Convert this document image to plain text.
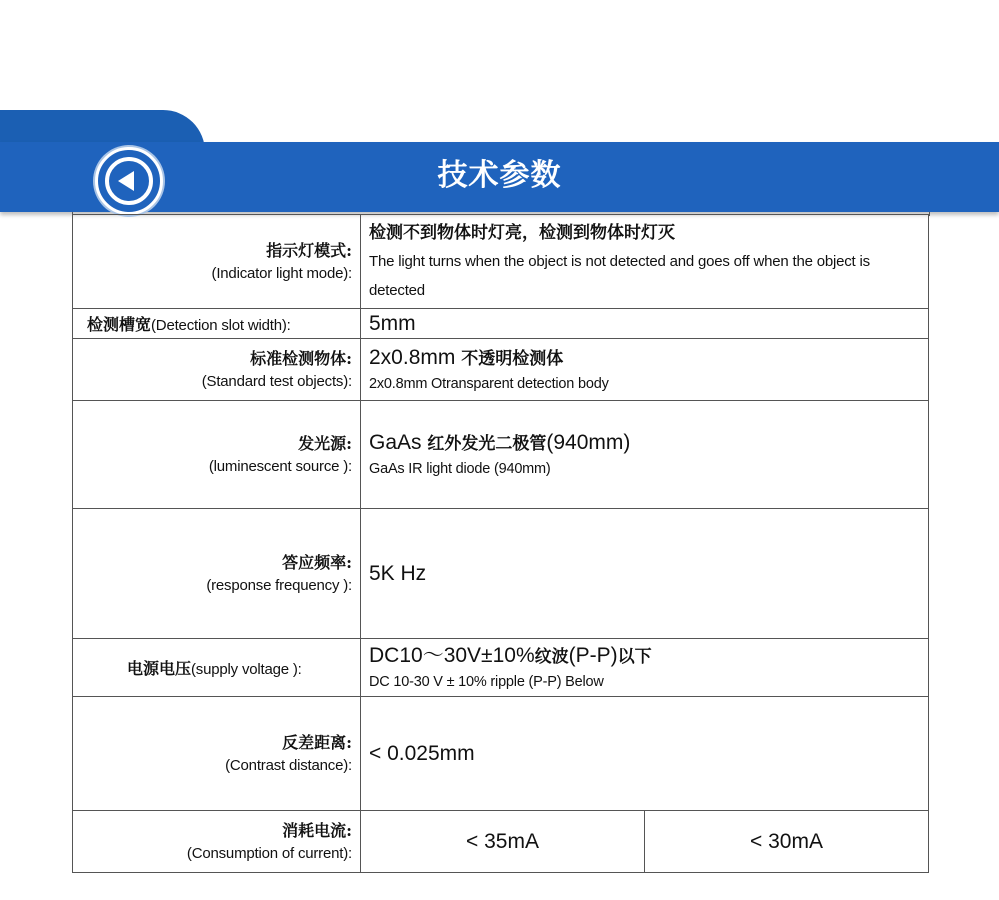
技术参数
指示灯模式:
(Indicator light mode):	检测不到物体时灯亮，检测到物体时灯灭
The light turns when the object is not detected and goes off when the object is detected	

检测槽宽(Detection slot width):	5mm	

标准检测物体:
(Standard test objects):	2x0.8mm 不透明检测体
2x0.8mm Otransparent detection body	

发光源:
(luminescent source ):	GaAs 红外发光二极管(940mm)
GaAs IR light diode (940mm)	

答应频率:
(response frequency ):	5K Hz	

电源电压(supply voltage ):	DC10～30V±10%纹波(P-P)以下
DC 10-30 V ± 10% ripple (P-P) Below	

反差距离:
(Contrast distance):	< 0.025mm	

消耗电流:
(Consumption of current):	< 35mA	< 30mA
